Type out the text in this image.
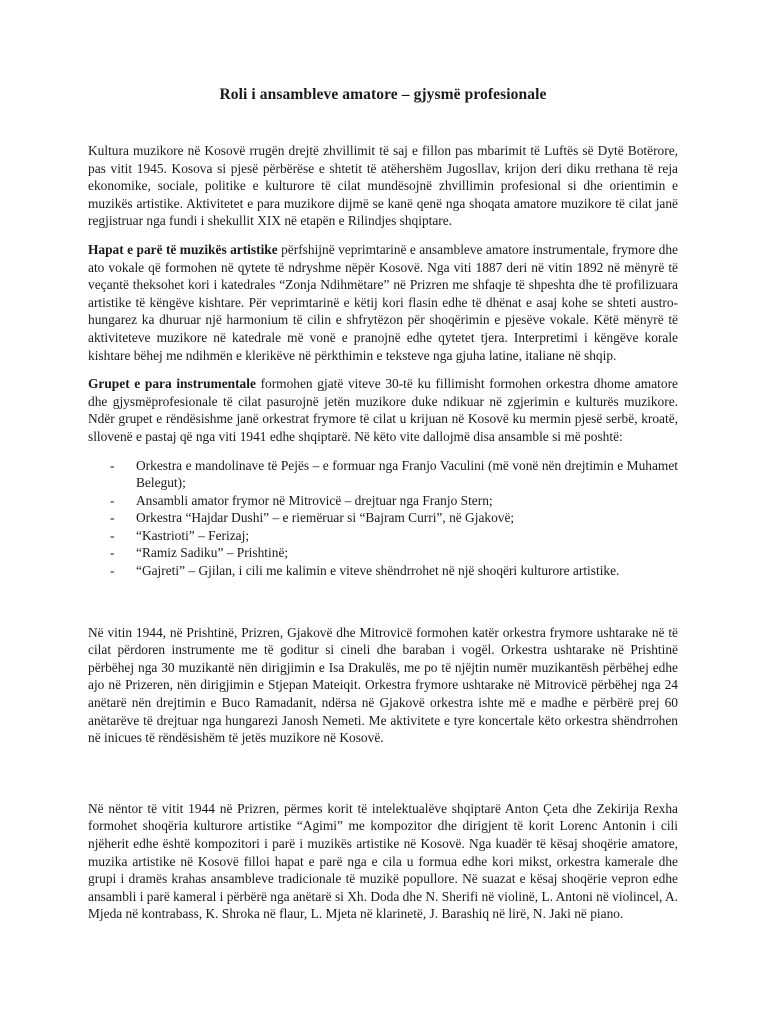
Roli i ansambleve amatore – gjysmë profesionale

Kultura muzikore në Kosovë rrugën drejtë zhvillimit të saj e fillon pas mbarimit të Luftës së Dytë Botërore, pas vitit 1945. Kosova si pjesë përbërëse e shtetit të atëhershëm Jugosllav, krijon deri diku rrethana të reja ekonomike, sociale, politike e kulturore të cilat mundësojnë zhvillimin profesional si dhe orientimin e muzikës artistike. Aktivitetet e para muzikore dijmë se kanë qenë nga shoqata amatore muzikore të cilat janë regjistruar nga fundi i shekullit XIX në etapën e Rilindjes shqiptare.

Hapat e parë të muzikës artistike përfshijnë veprimtarinë e ansambleve amatore instrumentale, frymore dhe ato vokale që formohen në qytete të ndryshme nëpër Kosovë. Nga viti 1887 deri në vitin 1892 në mënyrë të veçantë theksohet kori i katedrales “Zonja Ndihmëtare” në Prizren me shfaqje të shpeshta dhe të profilizuara artistike të këngëve kishtare. Për veprimtarinë e këtij kori flasin edhe të dhënat e asaj kohe se shteti austro-hungarez ka dhuruar një harmonium të cilin e shfrytëzon për shoqërimin e pjesëve vokale. Këtë mënyrë të aktiviteteve muzikore në katedrale më vonë e pranojnë edhe qytetet tjera. Interpretimi i këngëve korale kishtare bëhej me ndihmën e klerikëve në përkthimin e teksteve nga gjuha latine, italiane në shqip.

Grupet e para instrumentale formohen gjatë viteve 30-të ku fillimisht formohen orkestra dhome amatore dhe gjysmëprofesionale të cilat pasurojnë jetën muzikore duke ndikuar në zgjerimin e kulturës muzikore. Ndër grupet e rëndësishme janë orkestrat frymore të cilat u krijuan në Kosovë ku mermin pjesë serbë, kroatë, sllovenë e pastaj që nga viti 1941 edhe shqiptarë. Në këto vite dallojmë disa ansamble si më poshtë:

- Orkestra e mandolinave të Pejës – e formuar nga Franjo Vaculini (më vonë nën drejtimin e Muhamet Belegut);
- Ansambli amator frymor në Mitrovicë – drejtuar nga Franjo Stern;
- Orkestra “Hajdar Dushi” – e riemëruar si “Bajram Curri”, në Gjakovë;
- “Kastrioti” – Ferizaj;
- “Ramiz Sadiku” – Prishtinë;
- “Gajreti” – Gjilan, i cili me kalimin e viteve shëndrrohet në një shoqëri kulturore artistike.

Në vitin 1944, në Prishtinë, Prizren, Gjakovë dhe Mitrovicë formohen katër orkestra frymore ushtarake në të cilat përdoren instrumente me të goditur si cineli dhe baraban i vogël. Orkestra ushtarake në Prishtinë përbëhej nga 30 muzikantë nën dirigjimin e Isa Drakulës, me po të njëjtin numër muzikantësh përbëhej edhe ajo në Prizeren, nën dirigjimin e Stjepan Mateiqit. Orkestra frymore ushtarake në Mitrovicë përbëhej nga 24 anëtarë nën drejtimin e Buco Ramadanit, ndërsa në Gjakovë orkestra ishte më e madhe e përbërë prej 60 anëtarëve të drejtuar nga hungarezi Janosh Nemeti. Me aktivitete e tyre koncertale këto orkestra shëndrrohen në inicues të rëndësishëm të jetës muzikore në Kosovë.

Në nëntor të vitit 1944 në Prizren, përmes korit të intelektualëve shqiptarë Anton Çeta dhe Zekirija Rexha formohet shoqëria kulturore artistike “Agimi” me kompozitor dhe dirigjent të korit Lorenc Antonin i cili njëherit edhe është kompozitori i parë i muzikës artistike në Kosovë. Nga kuadër të kësaj shoqërie amatore, muzika artistike në Kosovë filloi hapat e parë nga e cila u formua edhe kori mikst, orkestra kamerale dhe grupi i dramës krahas ansambleve tradicionale të muzikë popullore. Në suazat e kësaj shoqërie vepron edhe ansambli i parë kameral i përbërë nga anëtarë si Xh. Doda dhe N. Sherifi në violinë, L. Antoni në violincel, A. Mjeda në kontrabass, K. Shroka në flaur, L. Mjeta në klarinetë, J. Barashiq në lirë, N. Jaki në piano.
